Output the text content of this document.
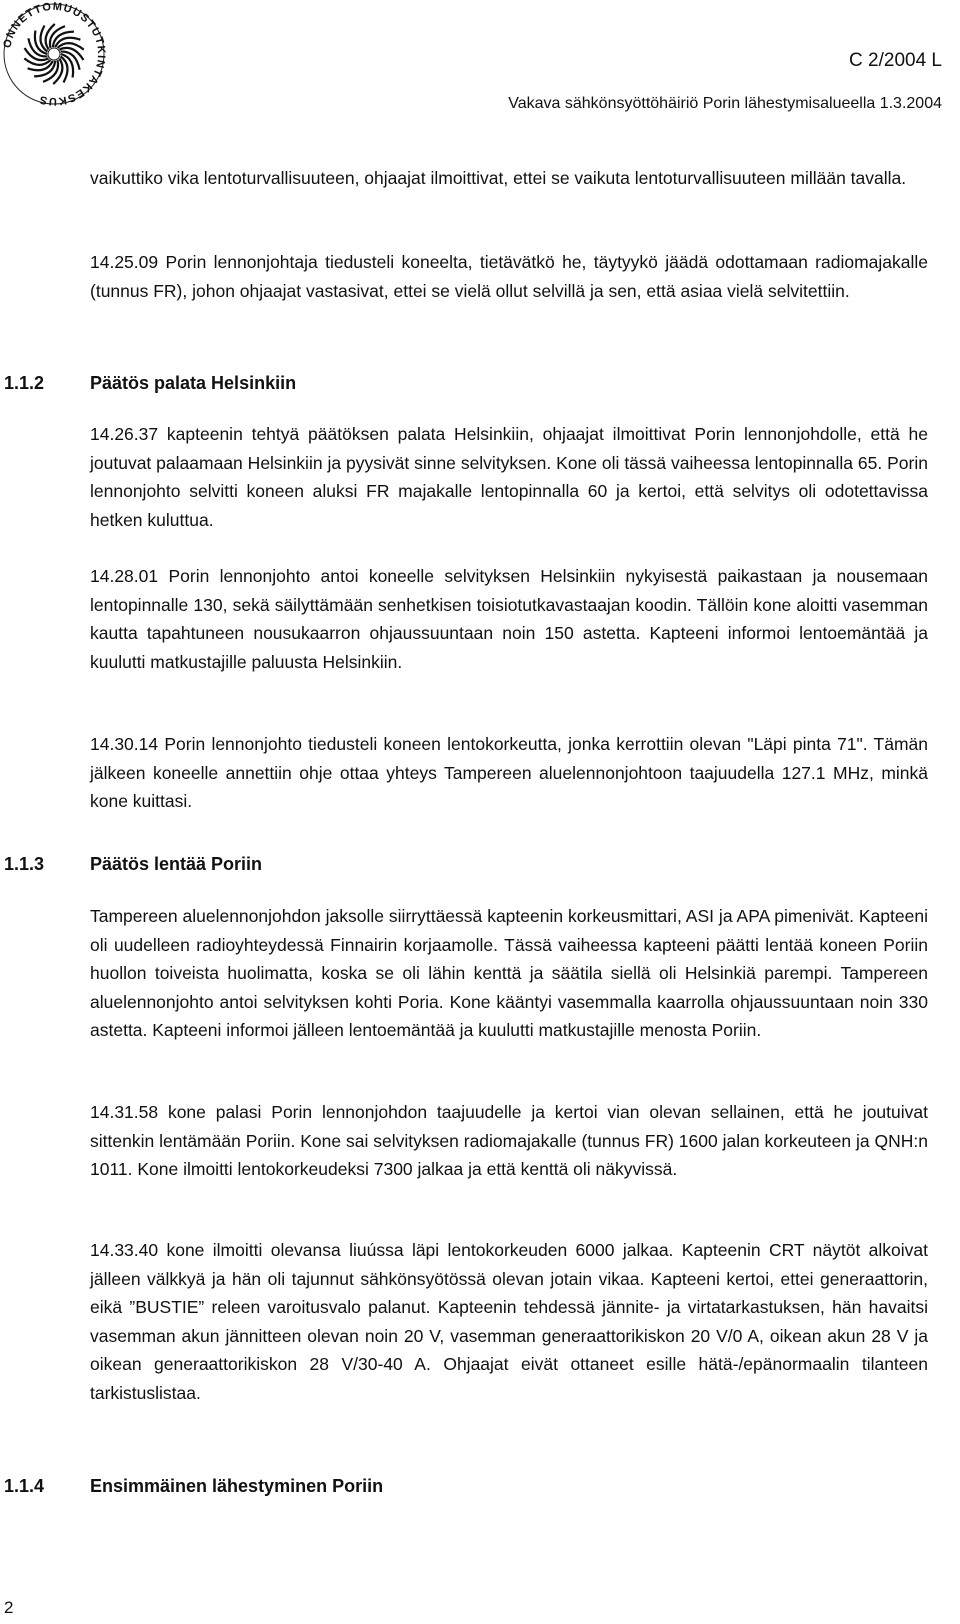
ONNETTOMUUSTUTKINTAKESKUS
C 2/2004 L
Vakava sähkönsyöttöhäiriö Porin lähestymisalueella 1.3.2004

vaikuttiko vika lentoturvallisuuteen, ohjaajat ilmoittivat, ettei se vaikuta lentoturvallisuuteen millään tavalla.

14.25.09 Porin lennonjohtaja tiedusteli koneelta, tietävätkö he, täytyykö jäädä odottamaan radiomajakalle (tunnus FR), johon ohjaajat vastasivat, ettei se vielä ollut selvillä ja sen, että asiaa vielä selvitettiin.

1.1.2	Päätös palata Helsinkiin

14.26.37 kapteenin tehtyä päätöksen palata Helsinkiin, ohjaajat ilmoittivat Porin lennonjohdolle, että he joutuvat palaamaan Helsinkiin ja pyysivät sinne selvityksen. Kone oli tässä vaiheessa lentopinnalla 65. Porin lennonjohto selvitti koneen aluksi FR majakalle lentopinnalla 60 ja kertoi, että selvitys oli odotettavissa hetken kuluttua.

14.28.01 Porin lennonjohto antoi koneelle selvityksen Helsinkiin nykyisestä paikastaan ja nousemaan lentopinnalle 130, sekä säilyttämään senhetkisen toisiotutkavastaajan koodin. Tällöin kone aloitti vasemman kautta tapahtuneen nousukaarron ohjaussuuntaan noin 150 astetta. Kapteeni informoi lentoemäntää ja kuulutti matkustajille paluusta Helsinkiin.

14.30.14 Porin lennonjohto tiedusteli koneen lentokorkeutta, jonka kerrottiin olevan "Läpi pinta 71". Tämän jälkeen koneelle annettiin ohje ottaa yhteys Tampereen aluelennonjohtoon taajuudella 127.1 MHz, minkä kone kuittasi.

1.1.3	Päätös lentää Poriin

Tampereen aluelennonjohdon jaksolle siirryttäessä kapteenin korkeusmittari, ASI ja APA pimenivät. Kapteeni oli uudelleen radioyhteydessä Finnairin korjaamolle. Tässä vaiheessa kapteeni päätti lentää koneen Poriin huollon toiveista huolimatta, koska se oli lähin kenttä ja säätila siellä oli Helsinkiä parempi. Tampereen aluelennonjohto antoi selvityksen kohti Poria. Kone kääntyi vasemmalla kaarrolla ohjaussuuntaan noin 330 astetta. Kapteeni informoi jälleen lentoemäntää ja kuulutti matkustajille menosta Poriin.

14.31.58 kone palasi Porin lennonjohdon taajuudelle ja kertoi vian olevan sellainen, että he joutuivat sittenkin lentämään Poriin. Kone sai selvityksen radiomajakalle (tunnus FR) 1600 jalan korkeuteen ja QNH:n 1011. Kone ilmoitti lentokorkeudeksi 7300 jalkaa ja että kenttä oli näkyvissä.

14.33.40 kone ilmoitti olevansa liuússa läpi lentokorkeuden 6000 jalkaa. Kapteenin CRT näytöt alkoivat jälleen välkkyä ja hän oli tajunnut sähkönsyötössä olevan jotain vikaa. Kapteeni kertoi, ettei generaattorin, eikä ”BUSTIE” releen varoitusvalo palanut. Kapteenin tehdessä jännite- ja virtatarkastuksen, hän havaitsi vasemman akun jännitteen olevan noin 20 V, vasemman generaattorikiskon 20 V/0 A, oikean akun 28 V ja oikean generaattorikiskon 28 V/30-40 A. Ohjaajat eivät ottaneet esille hätä-/epänormaalin tilanteen tarkistuslistaa.

1.1.4	Ensimmäinen lähestyminen Poriin
2
